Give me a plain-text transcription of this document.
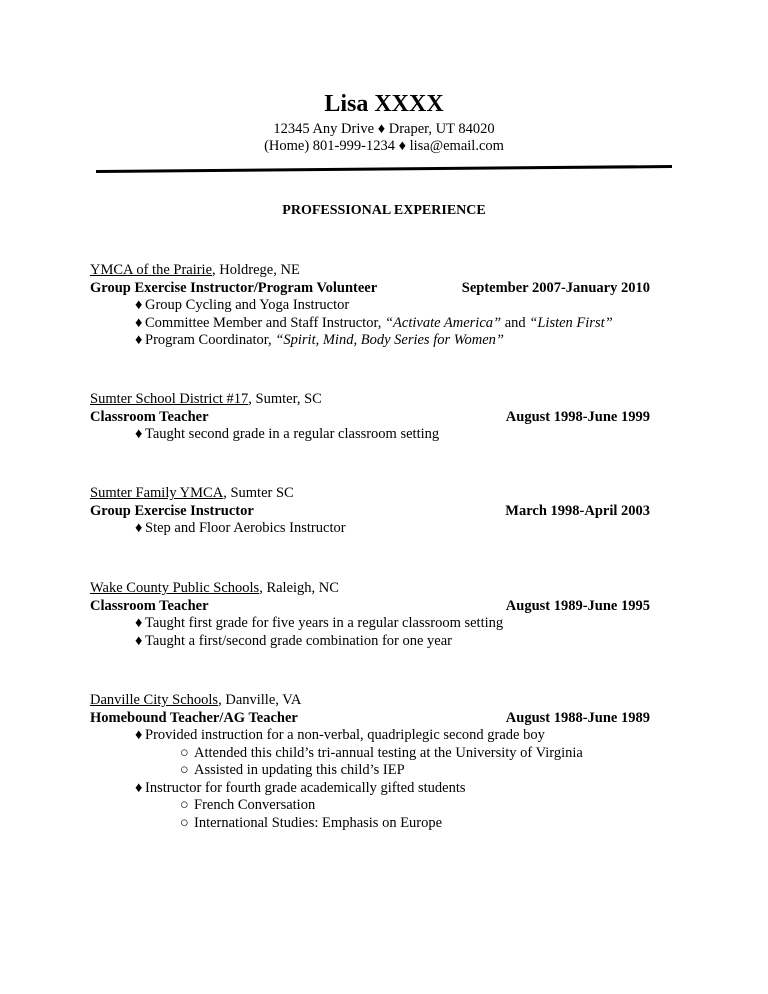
Lisa XXXX
12345 Any Drive ♦ Draper, UT 84020
(Home) 801-999-1234 ♦ lisa@email.com
PROFESSIONAL EXPERIENCE
YMCA of the Prairie, Holdrege, NE
Group Exercise Instructor/Program Volunteer	September 2007-January 2010
♦ Group Cycling and Yoga Instructor
♦ Committee Member and Staff Instructor, “Activate America” and “Listen First”
♦ Program Coordinator, “Spirit, Mind, Body Series for Women”
Sumter School District #17, Sumter, SC
Classroom Teacher	August 1998-June 1999
♦ Taught second grade in a regular classroom setting
Sumter Family YMCA, Sumter SC
Group Exercise Instructor	March 1998-April 2003
♦ Step and Floor Aerobics Instructor
Wake County Public Schools, Raleigh, NC
Classroom Teacher	August 1989-June 1995
♦ Taught first grade for five years in a regular classroom setting
♦ Taught a first/second grade combination for one year
Danville City Schools, Danville, VA
Homebound Teacher/AG Teacher	August 1988-June 1989
♦ Provided instruction for a non-verbal, quadriplegic second grade boy
○ Attended this child’s tri-annual testing at the University of Virginia
○ Assisted in updating this child’s IEP
♦ Instructor for fourth grade academically gifted students
○ French Conversation
○ International Studies: Emphasis on Europe
